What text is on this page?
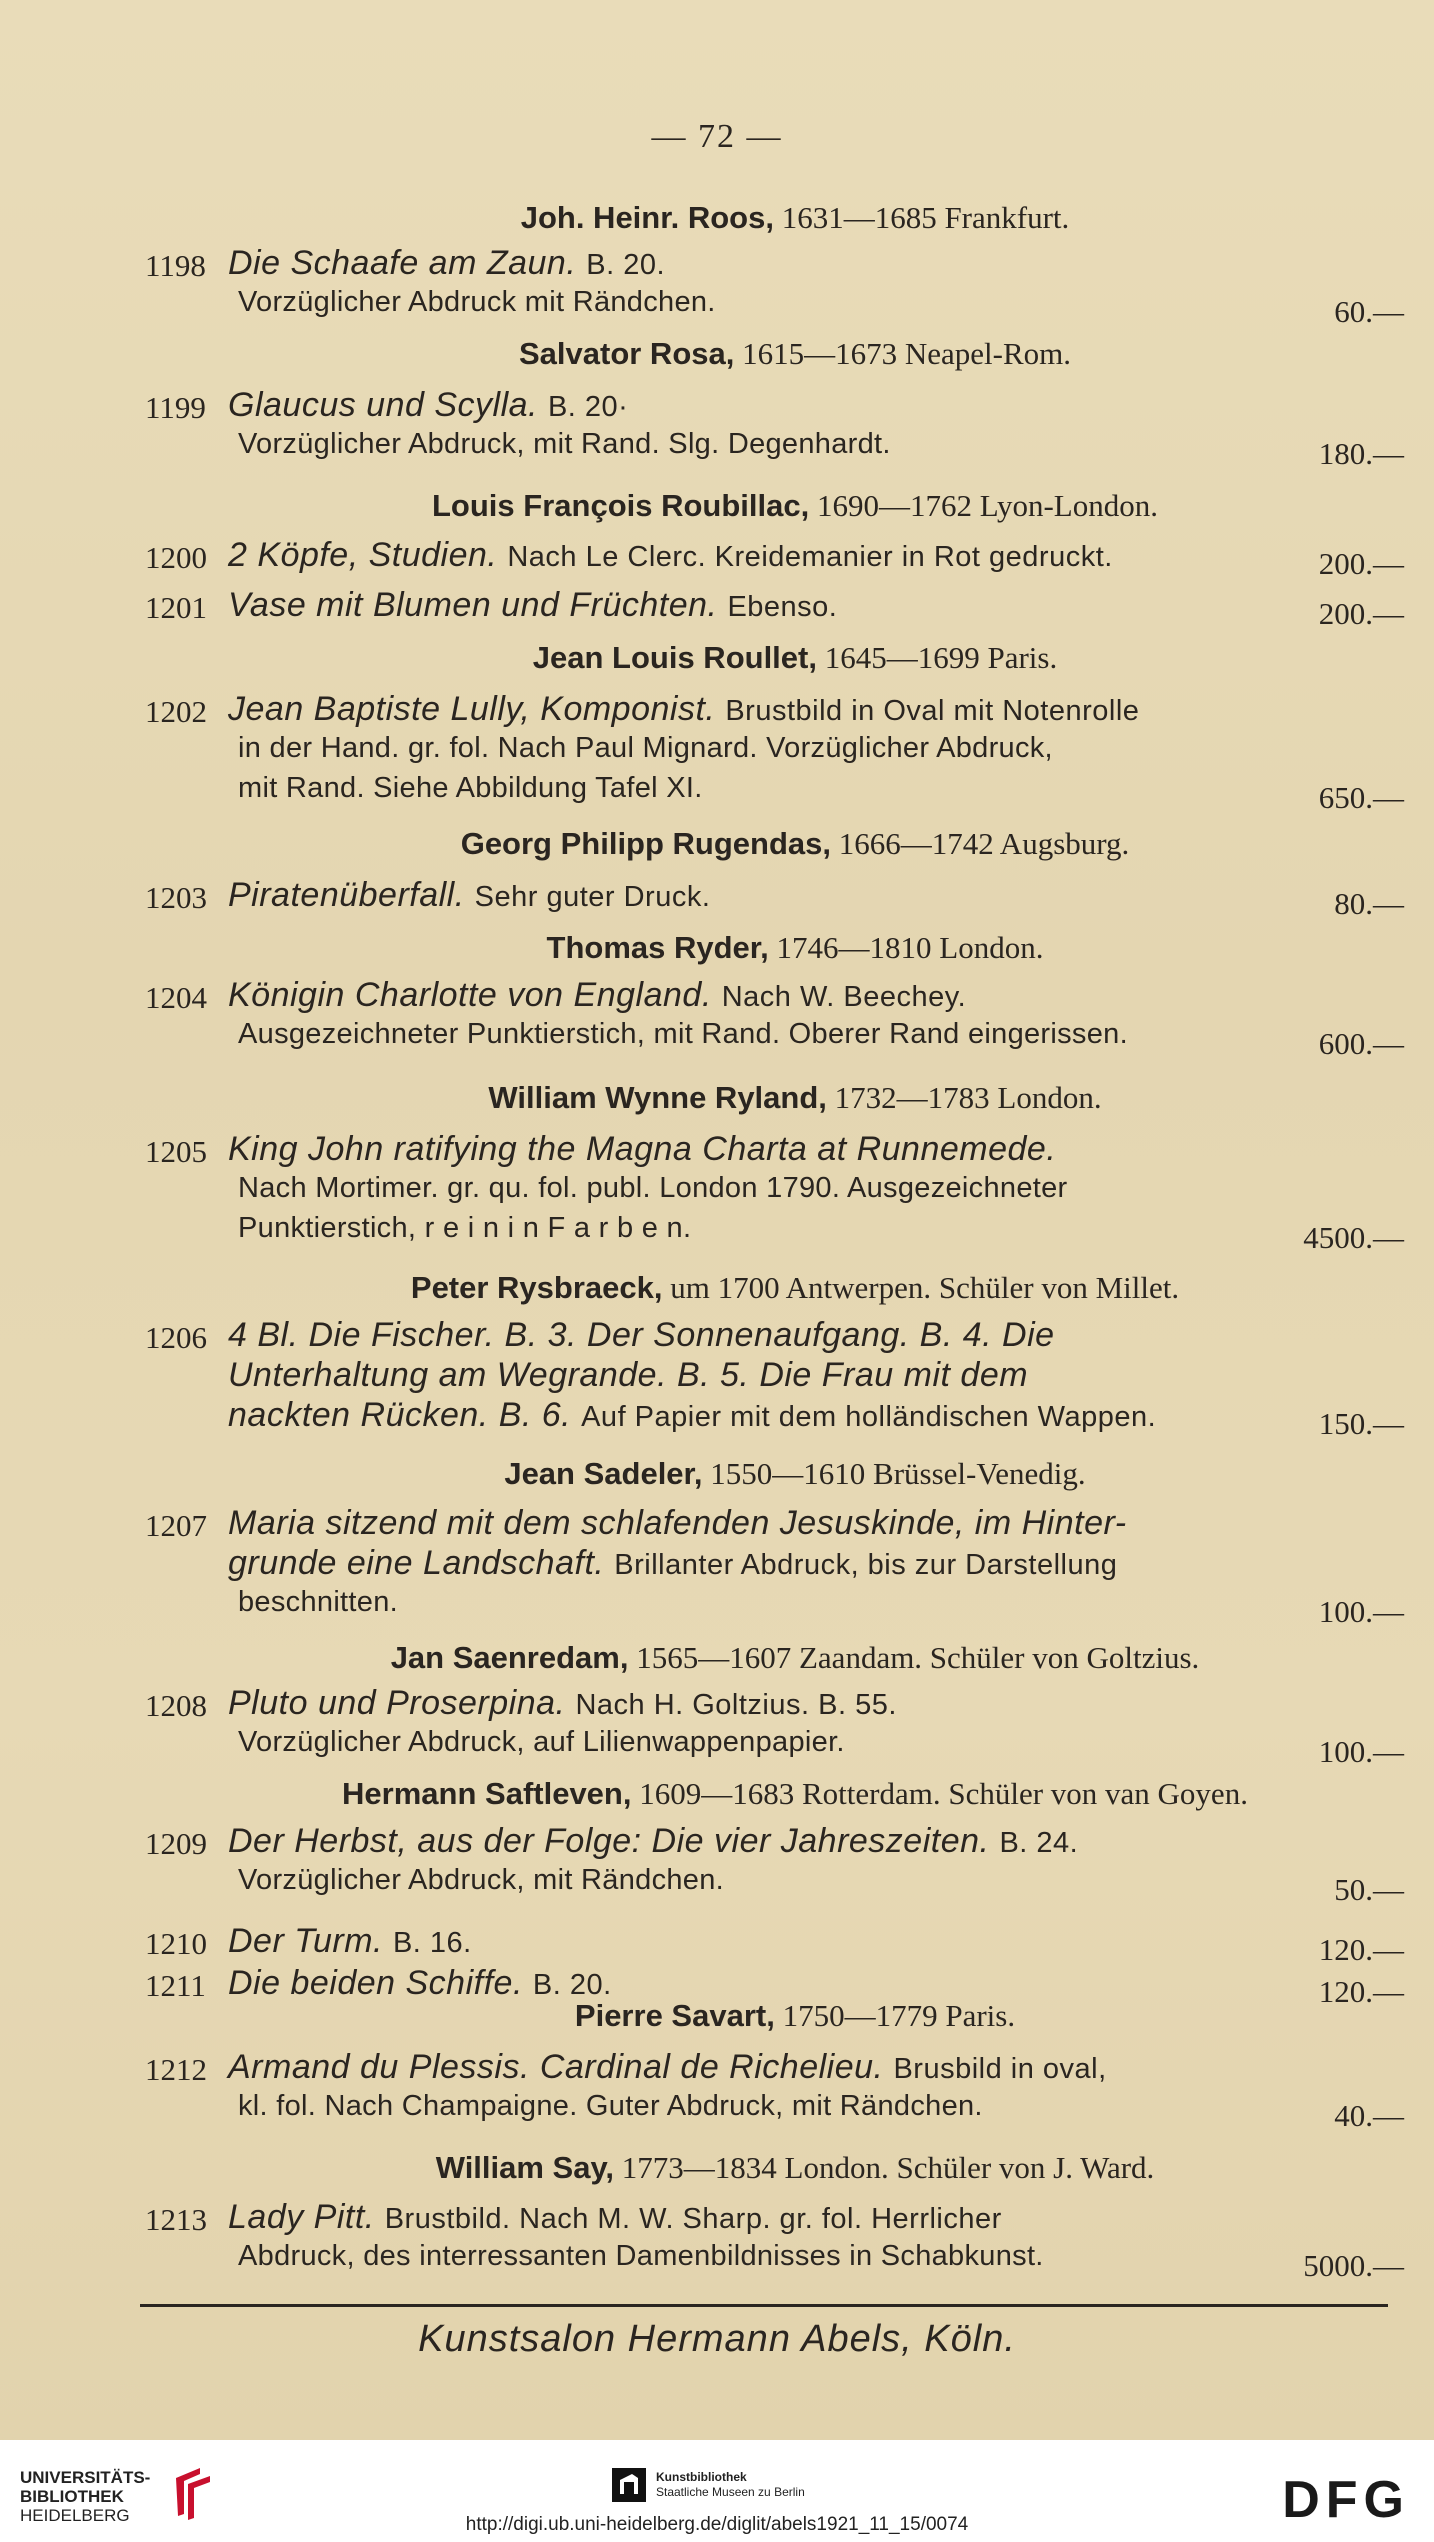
— 72 —
Joh. Heinr. Roos, 1631—1685 Frankfurt.
1198 Die Schaafe am Zaun. B. 20.
Vorzüglicher Abdruck mit Rändchen.	60.—
Salvator Rosa, 1615—1673 Neapel-Rom.
1199 Glaucus und Scylla. B. 20·
Vorzüglicher Abdruck, mit Rand. Slg. Degenhardt.	180.—
Louis François Roubillac, 1690—1762 Lyon-London.
1200 2 Köpfe, Studien. Nach Le Clerc. Kreidemanier in Rot gedruckt.	200.—
1201 Vase mit Blumen und Früchten. Ebenso.	200.—
Jean Louis Roullet, 1645—1699 Paris.
1202 Jean Baptiste Lully, Komponist. Brustbild in Oval mit Notenrolle
in der Hand. gr. fol. Nach Paul Mignard. Vorzüglicher Abdruck,
mit Rand. Siehe Abbildung Tafel XI.	650.—
Georg Philipp Rugendas, 1666—1742 Augsburg.
1203 Piratenüberfall. Sehr guter Druck.	80.—
Thomas Ryder, 1746—1810 London.
1204 Königin Charlotte von England. Nach W. Beechey.
Ausgezeichneter Punktierstich, mit Rand. Oberer Rand eingerissen.	600.—
William Wynne Ryland, 1732—1783 London.
1205 King John ratifying the Magna Charta at Runnemede.
Nach Mortimer. gr. qu. fol. publ. London 1790. Ausgezeichneter
Punktierstich, r e i n i n F a r b e n.	4500.—
Peter Rysbraeck, um 1700 Antwerpen. Schüler von Millet.
1206 4 Bl. Die Fischer. B. 3. Der Sonnenaufgang. B. 4. Die
Unterhaltung am Wegrande. B. 5. Die Frau mit dem
nackten Rücken. B. 6. Auf Papier mit dem holländischen Wappen.	150.—
Jean Sadeler, 1550—1610 Brüssel-Venedig.
1207 Maria sitzend mit dem schlafenden Jesuskinde, im Hinter-
grunde eine Landschaft. Brillanter Abdruck, bis zur Darstellung
beschnitten.	100.—
Jan Saenredam, 1565—1607 Zaandam. Schüler von Goltzius.
1208 Pluto und Proserpina. Nach H. Goltzius. B. 55.
Vorzüglicher Abdruck, auf Lilienwappenpapier.	100.—
Hermann Saftleven, 1609—1683 Rotterdam. Schüler von van Goyen.
1209 Der Herbst, aus der Folge: Die vier Jahreszeiten. B. 24.
Vorzüglicher Abdruck, mit Rändchen.	50.—
1210 Der Turm. B. 16.	120.—
1211 Die beiden Schiffe. B. 20.	120.—
Pierre Savart, 1750—1779 Paris.
1212 Armand du Plessis. Cardinal de Richelieu. Brusbild in oval,
kl. fol. Nach Champaigne. Guter Abdruck, mit Rändchen.	40.—
William Say, 1773—1834 London. Schüler von J. Ward.
1213 Lady Pitt. Brustbild. Nach M. W. Sharp. gr. fol. Herrlicher
Abdruck, des interressanten Damenbildnisses in Schabkunst.	5000.—
Kunstsalon Hermann Abels, Köln.
UNIVERSITÄTS-
BIBLIOTHEK
HEIDELBERG
Kunstbibliothek
Staatliche Museen zu Berlin	DFG
http://digi.ub.uni-heidelberg.de/diglit/abels1921_11_15/0074
